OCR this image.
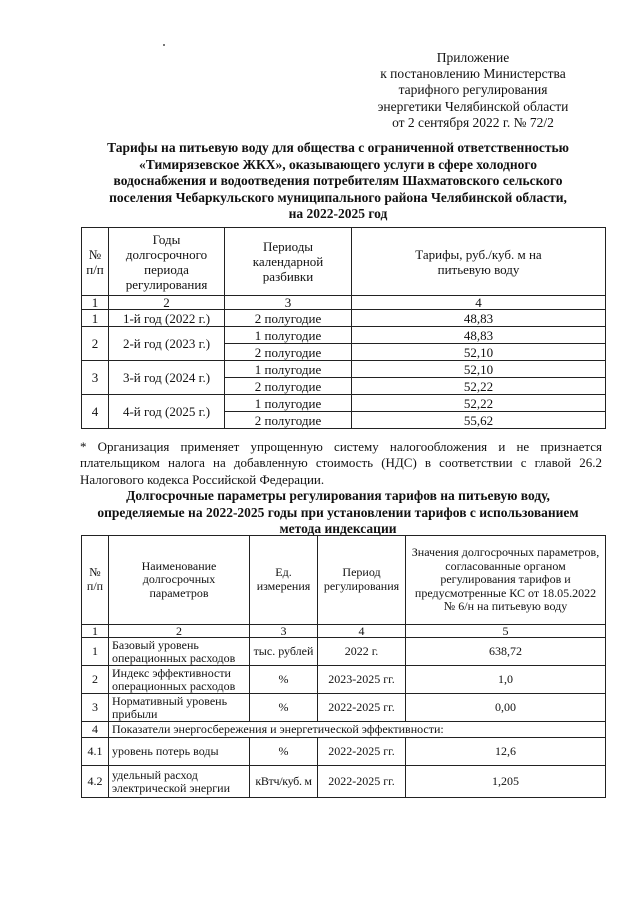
Приложение
к постановлению Министерства
тарифного регулирования
энергетики Челябинской области
от 2 сентября 2022 г. № 72/2
Тарифы на питьевую воду для общества с ограниченной ответственностью
«Тимирязевское ЖКХ», оказывающего услуги в сфере холодного
водоснабжения и водоотведения потребителям Шахматовского сельского
поселения Чебаркульского муниципального района Челябинской области,
на 2022-2025 год
№ п/п	Годы долгосрочного периода регулирования	Периоды календарной разбивки	Тарифы, руб./куб. м на питьевую воду
1	2	3	4
1	1-й год (2022 г.)	2 полугодие	48,83
2	2-й год (2023 г.)	1 полугодие	48,83
		2 полугодие	52,10
3	3-й год (2024 г.)	1 полугодие	52,10
		2 полугодие	52,22
4	4-й год (2025 г.)	1 полугодие	52,22
		2 полугодие	55,62
* Организация применяет упрощенную систему налогообложения и не признается плательщиком налога на добавленную стоимость (НДС) в соответствии с главой 26.2 Налогового кодекса Российской Федерации.
Долгосрочные параметры регулирования тарифов на питьевую воду,
определяемые на 2022-2025 годы при установлении тарифов с использованием
метода индексации
№ п/п	Наименование долгосрочных параметров	Ед. измерения	Период регулирования	Значения долгосрочных параметров, согласованные органом регулирования тарифов и предусмотренные КС от 18.05.2022 № 6/н на питьевую воду
1	2	3	4	5
1	Базовый уровень операционных расходов	тыс. рублей	2022 г.	638,72
2	Индекс эффективности операционных расходов	%	2023-2025 гг.	1,0
3	Нормативный уровень прибыли	%	2022-2025 гг.	0,00
4	Показатели энергосбережения и энергетической эффективности:			
4.1	уровень потерь воды	%	2022-2025 гг.	12,6
4.2	удельный расход электрической энергии	кВтч/куб. м	2022-2025 гг.	1,205
